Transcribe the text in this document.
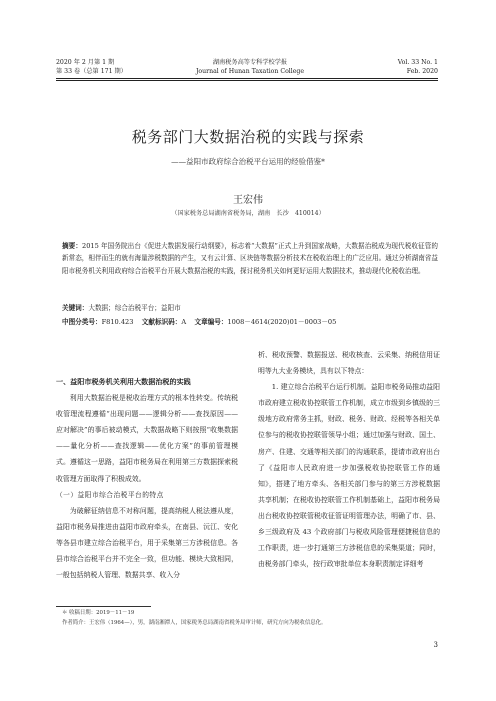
2020 年 2 月第 1 期
第 33 卷（总第 171 期）
湖南税务高等专科学校学报
Journal of Hunan Taxation College
Vol. 33 No. 1
Feb. 2020
税务部门大数据治税的实践与探索
——益阳市政府综合治税平台运用的经验借鉴*
王宏伟
（国家税务总局湖南省税务局，湖南　长沙　410014）
摘要：2015 年国务院出台《促进大数据发展行动纲要》，标志着“大数据”正式上升到国家战略，大数据治税成为现代税收征管的新常态，相伴而生的就有海量涉税数据的产生，又有云计算、区块链等数据分析技术在税收治理上的广泛应用。通过分析湖南省益阳市税务机关利用政府综合治税平台开展大数据治税的实践，探讨税务机关如何更好运用大数据技术，推动现代化税收治理。
关键词：大数据；综合治税平台；益阳市
中图分类号：F810.423 文献标识码：A 文章编号：1008－4614(2020)01－0003－05

一、益阳市税务机关利用大数据治税的实践

利用大数据治税是税收治理方式的根本性转变。传统税收管理流程遵循“出现问题——逻辑分析——查找原因——应对解决”的事后被动模式，大数据战略下则按照“收集数据——量化分析——查找逻辑——优化方案”的事前管理模式。遵循这一思路，益阳市税务局在利用第三方数据探索税收管理方面取得了积极成效。

（一）益阳市综合治税平台的特点

为破解征纳信息不对称问题，提高纳税人税法遵从度，益阳市税务局推进由益阳市政府牵头，在南县、沅江、安化等各县市建立综合治税平台，用于采集第三方涉税信息。各县市综合治税平台并不完全一致，但功能、模块大致相同，一般包括纳税人管理、数据共享、收入分

析、税收预警、数据报送、税收核查、云采集、纳税信用证明等九大业务模块，具有以下特点：

1. 建立综合治税平台运行机制。益阳市税务局推动益阳市政府建立税收协控联管工作机制，成立市级到乡镇级的三级地方政府常务主抓，财政、税务、财政、经税等各相关单位参与的税收协控联管领导小组；通过加强与财政、国土、房产、住建、交通等相关部门的沟通联系，提请市政府出台了《益阳市人民政府进一步加强税收协控联管工作的通知》，搭建了地方牵头、各相关部门参与的第三方涉税数据共享机制；在税收协控联管工作机制基础上，益阳市税务局出台税收协控联管税收征管证明管理办法，明确了市、县、乡三级政府及 43 个政府部门与税收风险管理便捷税信息的工作职责，进一步打通第三方涉税信息的采集渠道；同时，由税务部门牵头，按行政审批单位本身职责制定详细考

＊ 收稿日期：2019－11－19
作者简介：王宏伟（1964—），男，湖南湘潭人，国家税务总局湖南省税务局审计师，研究方向为税收信息化。
3
